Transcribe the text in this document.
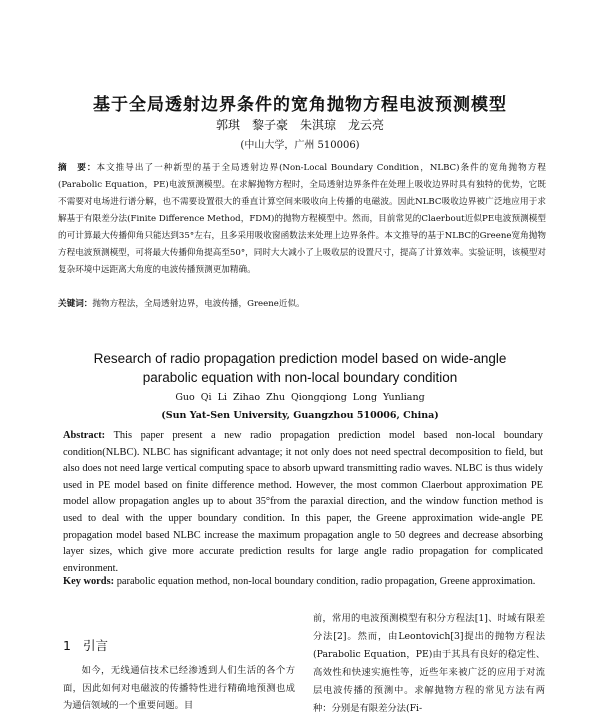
基于全局透射边界条件的宽角抛物方程电波预测模型
郭琪　黎子豪　朱淇琼　龙云亮
(中山大学，广州 510006)
摘　要：本文推导出了一种新型的基于全局透射边界(Non-Local Boundary Condition，NLBC)条件的宽角抛物方程(Parabolic Equation，PE)电波预测模型。在求解抛物方程时，全局透射边界条件在处理上吸收边界时具有独特的优势，它既不需要对电场进行谱分解，也不需要设置很大的垂直计算空间来吸收向上传播的电磁波。因此NLBC吸收边界被广泛地应用于求解基于有限差分法(Finite Difference Method，FDM)的抛物方程模型中。然而，目前常见的Claerbout近似PE电波预测模型的可计算最大传播仰角只能达到35°左右，且多采用吸收窗函数法来处理上边界条件。本文推导的基于NLBC的Greene宽角抛物方程电波预测模型，可将最大传播仰角提高至50°，同时大大减小了上吸收层的设置尺寸，提高了计算效率。实验证明，该模型对复杂环境中远距离大角度的电波传播预测更加精确。
关键词：抛物方程法，全局透射边界，电波传播，Greene近似。
Research of radio propagation prediction model based on wide-angle
parabolic equation with non-local boundary condition
Guo Qi Li Zihao Zhu Qiongqiong Long Yunliang
(Sun Yat-Sen University, Guangzhou 510006, China)
Abstract: This paper present a new radio propagation prediction model based non-local boundary condition(NLBC). NLBC has significant advantage; it not only does not need spectral decomposition to field, but also does not need large vertical computing space to absorb upward transmitting radio waves. NLBC is thus widely used in PE model based on finite difference method. However, the most common Claerbout approximation PE model allow propagation angles up to about 35°from the paraxial direction, and the window function method is used to deal with the upper boundary condition. In this paper, the Greene approximation wide-angle PE propagation model based NLBC increase the maximum propagation angle to 50 degrees and decrease absorbing layer sizes, which give more accurate prediction results for large angle radio propagation for complicated environment.
Key words: parabolic equation method, non-local boundary condition, radio propagation, Greene approximation.
1 引言
如今，无线通信技术已经渗透到人们生活的各个方面，因此如何对电磁波的传播特性进行精确地预测也成为通信领域的一个重要问题。目
前，常用的电波预测模型有积分方程法[1]、时域有限差分法[2]。然而，由Leontovich[3]提出的抛物方程法(Parabolic Equation，PE)由于其具有良好的稳定性、高效性和快速实施性等，近些年来被广泛的应用于对流层电波传播的预测中。求解抛物方程的常见方法有两种：分别是有限差分法(Fi-
